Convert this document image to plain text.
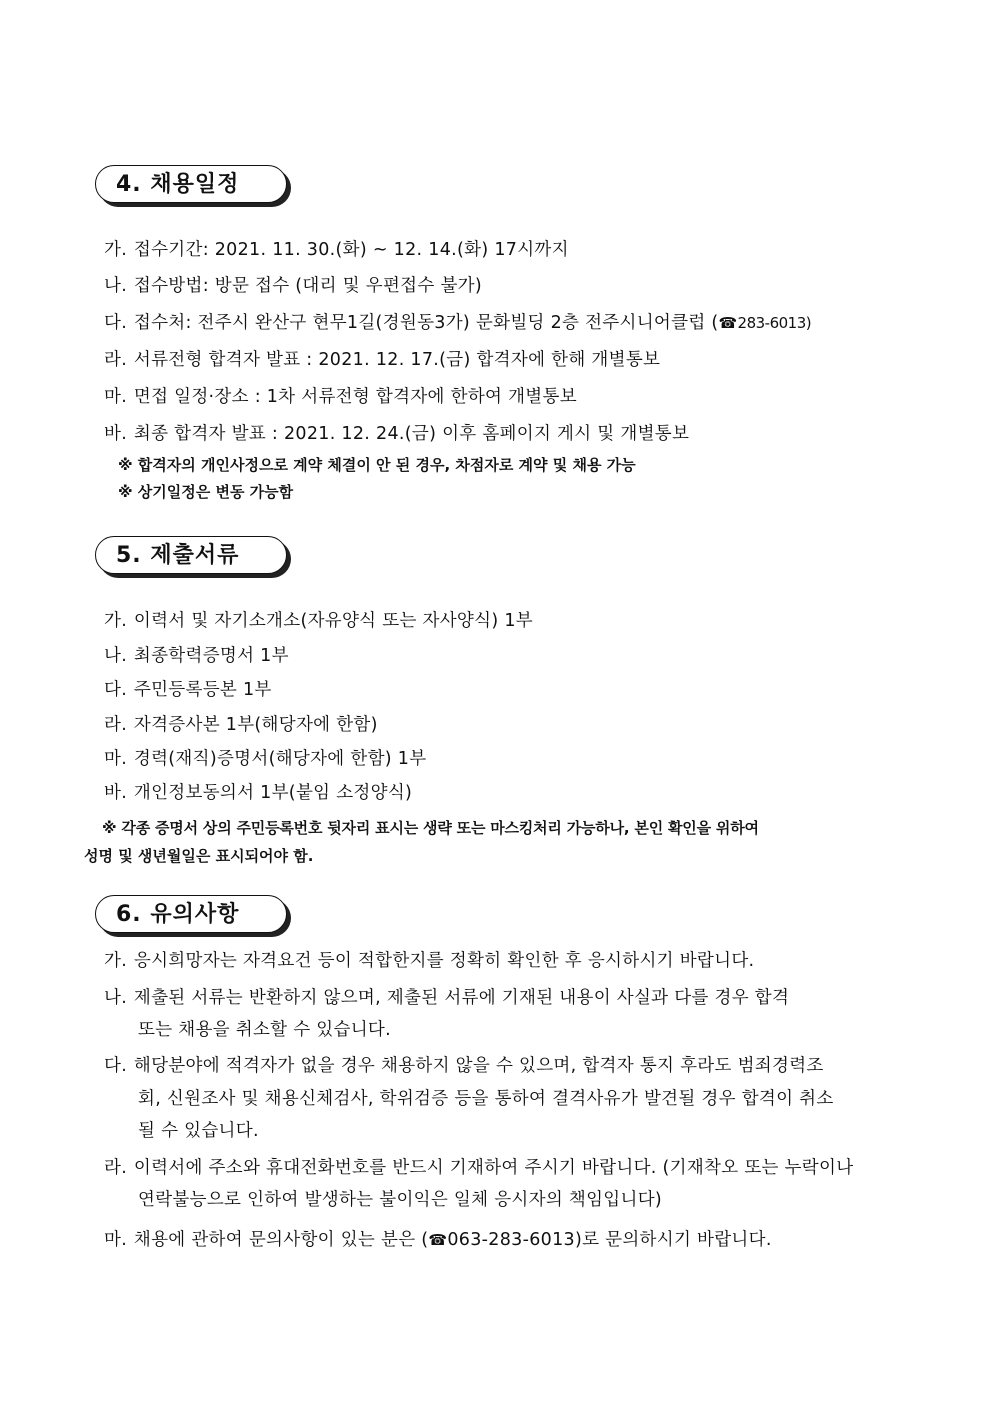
4. 채용일정
가. 접수기간: 2021. 11. 30.(화) ~ 12. 14.(화) 17시까지
나. 접수방법: 방문 접수 (대리 및 우편접수 불가)
다. 접수처: 전주시 완산구 현무1길(경원동3가) 문화빌딩 2층 전주시니어클럽 (☎283-6013)
라. 서류전형 합격자 발표 : 2021. 12. 17.(금) 합격자에 한해 개별통보
마. 면접 일정·장소 : 1차 서류전형 합격자에 한하여 개별통보
바. 최종 합격자 발표 : 2021. 12. 24.(금) 이후 홈페이지 게시 및 개별통보
※ 합격자의 개인사정으로 계약 체결이 안 된 경우, 차점자로 계약 및 채용 가능
※ 상기일정은 변동 가능함
5. 제출서류
가. 이력서 및 자기소개소(자유양식 또는 자사양식) 1부
나. 최종학력증명서 1부
다. 주민등록등본 1부
라. 자격증사본 1부(해당자에 한함)
마. 경력(재직)증명서(해당자에 한함) 1부
바. 개인정보동의서 1부(붙임 소정양식)
※ 각종 증명서 상의 주민등록번호 뒷자리 표시는 생략 또는 마스킹처리 가능하나, 본인 확인을 위하여
성명 및 생년월일은 표시되어야 함.
6. 유의사항
가. 응시희망자는 자격요건 등이 적합한지를 정확히 확인한 후 응시하시기 바랍니다.
나. 제출된 서류는 반환하지 않으며, 제출된 서류에 기재된 내용이 사실과 다를 경우 합격
또는 채용을 취소할 수 있습니다.
다. 해당분야에 적격자가 없을 경우 채용하지 않을 수 있으며, 합격자 통지 후라도 범죄경력조
회, 신원조사 및 채용신체검사, 학위검증 등을 통하여 결격사유가 발견될 경우 합격이 취소
될 수 있습니다.
라. 이력서에 주소와 휴대전화번호를 반드시 기재하여 주시기 바랍니다. (기재착오 또는 누락이나
연락불능으로 인하여 발생하는 불이익은 일체 응시자의 책임입니다)
마. 채용에 관하여 문의사항이 있는 분은 (☎063-283-6013)로 문의하시기 바랍니다.
